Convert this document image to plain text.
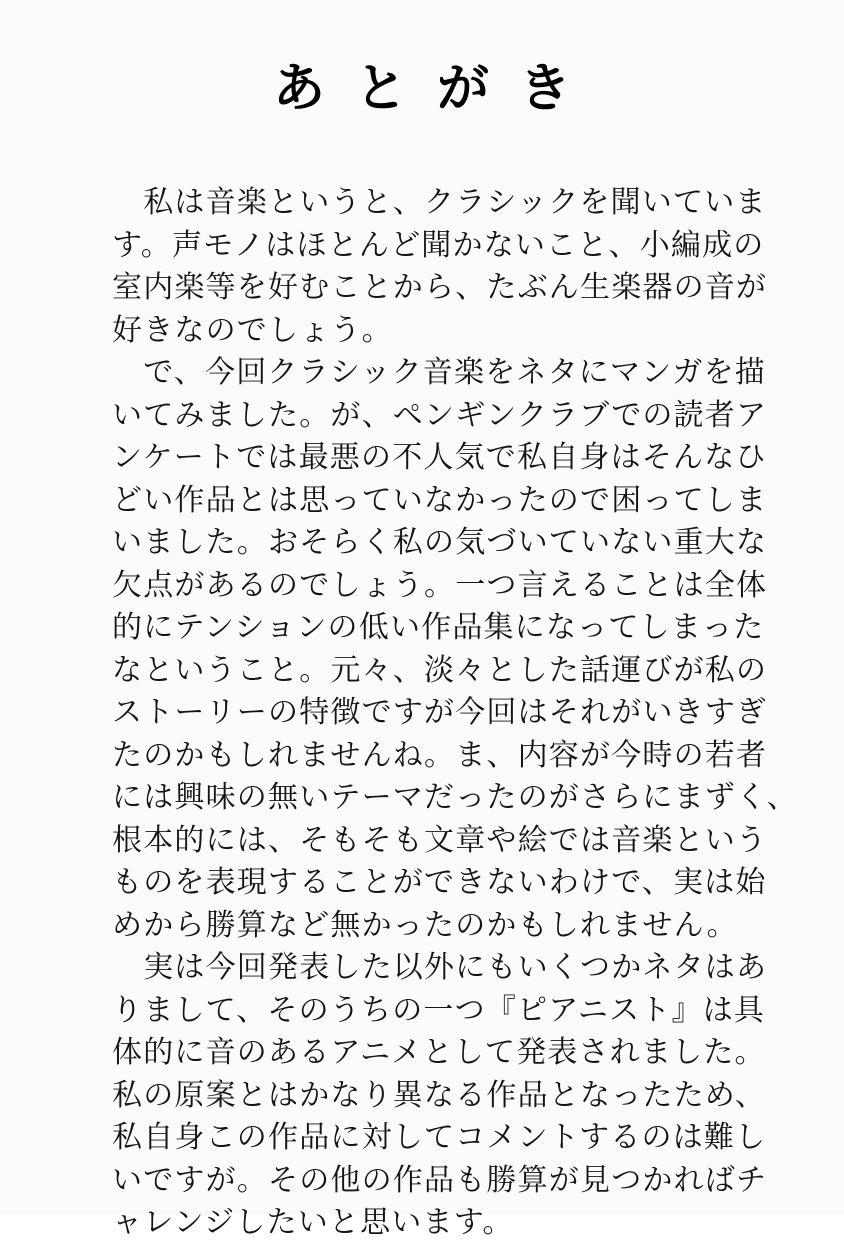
あとがき
　私は音楽というと、クラシックを聞いていま
す。声モノはほとんど聞かないこと、小編成の
室内楽等を好むことから、たぶん生楽器の音が
好きなのでしょう。
　で、今回クラシック音楽をネタにマンガを描
いてみました。が、ペンギンクラブでの読者ア
ンケートでは最悪の不人気で私自身はそんなひ
どい作品とは思っていなかったので困ってしま
いました。おそらく私の気づいていない重大な
欠点があるのでしょう。一つ言えることは全体
的にテンションの低い作品集になってしまった
なということ。元々、淡々とした話運びが私の
ストーリーの特徴ですが今回はそれがいきすぎ
たのかもしれませんね。ま、内容が今時の若者
には興味の無いテーマだったのがさらにまずく、
根本的には、そもそも文章や絵では音楽という
ものを表現することができないわけで、実は始
めから勝算など無かったのかもしれません。
　実は今回発表した以外にもいくつかネタはあ
りまして、そのうちの一つ『ピアニスト』は具
体的に音のあるアニメとして発表されました。
私の原案とはかなり異なる作品となったため、
私自身この作品に対してコメントするのは難し
いですが。その他の作品も勝算が見つかればチ
ャレンジしたいと思います。
